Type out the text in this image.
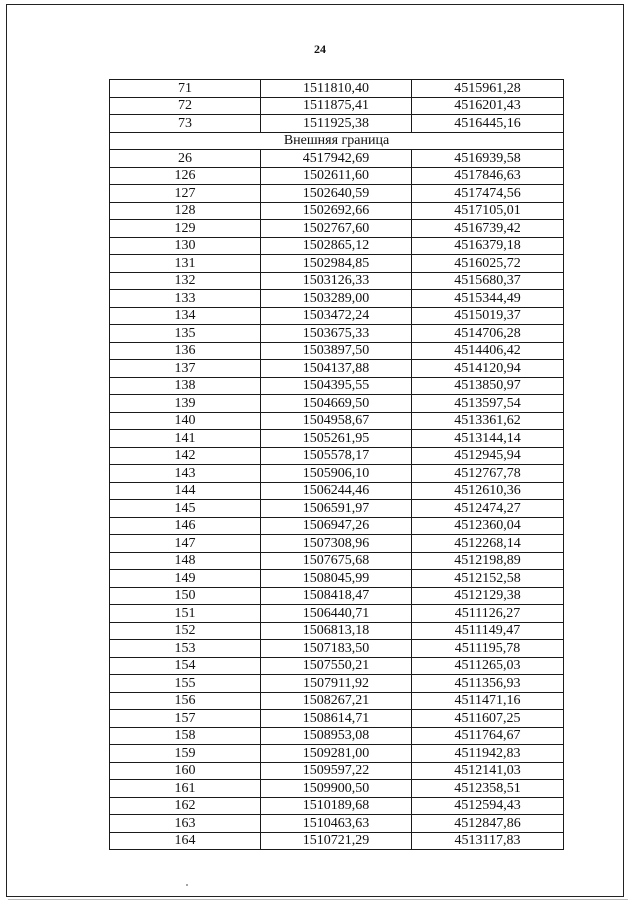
24
71	1511810,40	4515961,28
72	1511875,41	4516201,43
73	1511925,38	4516445,16
Внешняя граница		
26	4517942,69	4516939,58
126	1502611,60	4517846,63
127	1502640,59	4517474,56
128	1502692,66	4517105,01
129	1502767,60	4516739,42
130	1502865,12	4516379,18
131	1502984,85	4516025,72
132	1503126,33	4515680,37
133	1503289,00	4515344,49
134	1503472,24	4515019,37
135	1503675,33	4514706,28
136	1503897,50	4514406,42
137	1504137,88	4514120,94
138	1504395,55	4513850,97
139	1504669,50	4513597,54
140	1504958,67	4513361,62
141	1505261,95	4513144,14
142	1505578,17	4512945,94
143	1505906,10	4512767,78
144	1506244,46	4512610,36
145	1506591,97	4512474,27
146	1506947,26	4512360,04
147	1507308,96	4512268,14
148	1507675,68	4512198,89
149	1508045,99	4512152,58
150	1508418,47	4512129,38
151	1506440,71	4511126,27
152	1506813,18	4511149,47
153	1507183,50	4511195,78
154	1507550,21	4511265,03
155	1507911,92	4511356,93
156	1508267,21	4511471,16
157	1508614,71	4511607,25
158	1508953,08	4511764,67
159	1509281,00	4511942,83
160	1509597,22	4512141,03
161	1509900,50	4512358,51
162	1510189,68	4512594,43
163	1510463,63	4512847,86
164	1510721,29	4513117,83
